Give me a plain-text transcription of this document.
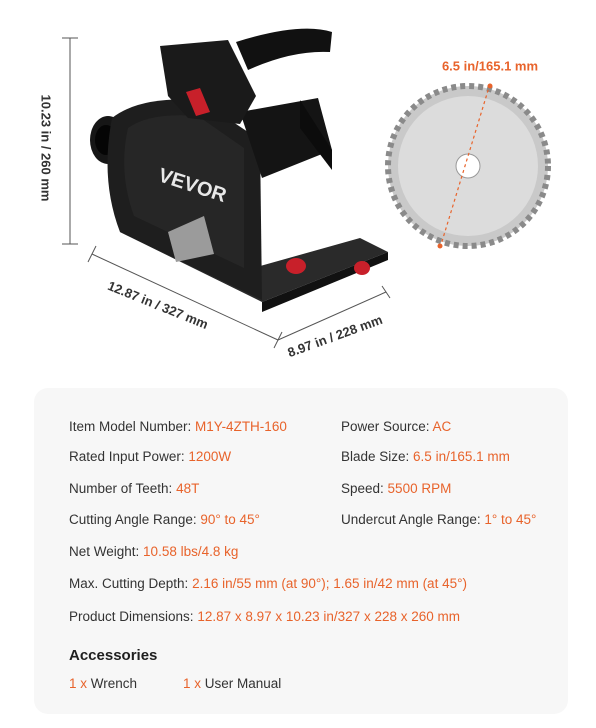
VEVOR
10.23 in / 260 mm
12.87 in / 327 mm
8.97 in / 228 mm
6.5 in/165.1 mm
Item Model Number: M1Y-4ZTH-160	Power Source: AC
Rated Input Power: 1200W	Blade Size: 6.5 in/165.1 mm
Number of Teeth: 48T	Speed: 5500 RPM
Cutting Angle Range: 90° to 45°	Undercut Angle Range: 1° to 45°
Net Weight: 10.58 lbs/4.8 kg
Max. Cutting Depth: 2.16 in/55 mm (at 90°); 1.65 in/42 mm (at 45°)
Product Dimensions: 12.87 x 8.97 x 10.23 in/327 x 228 x 260 mm
Accessories
1 x Wrench	1 x User Manual
